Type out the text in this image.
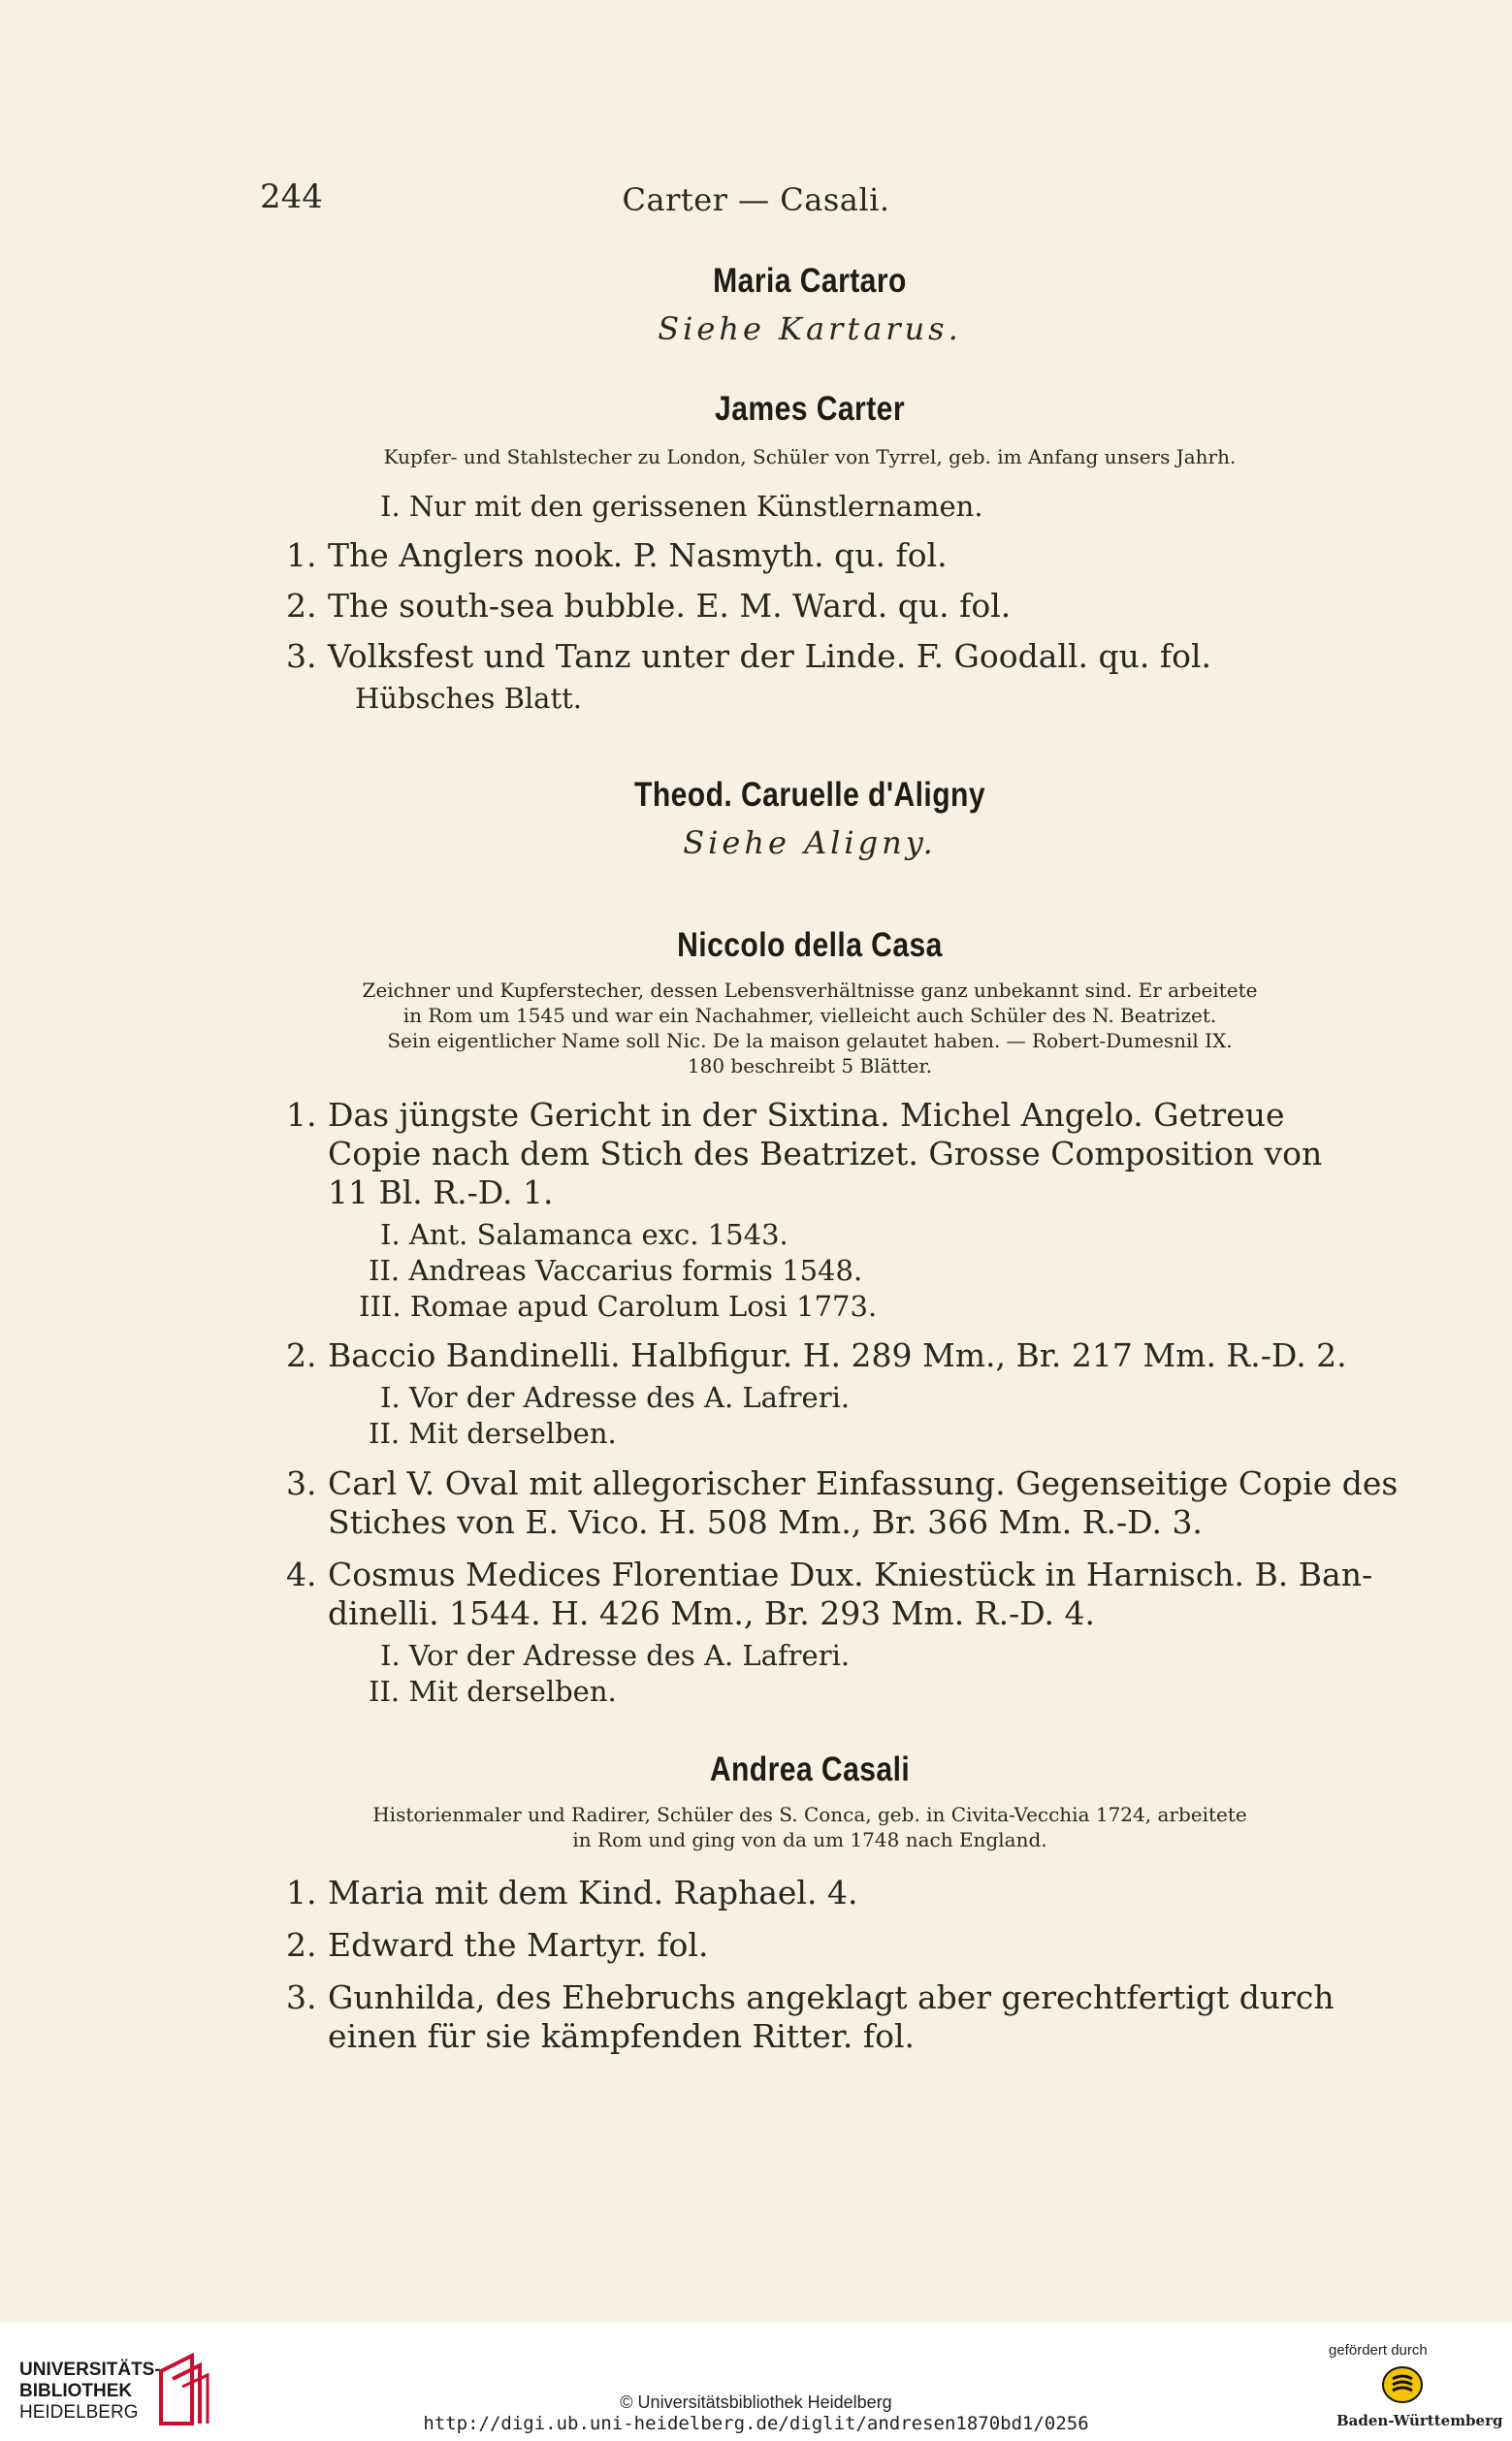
244	Carter — Casali.
Maria Cartaro
Siehe Kartarus.
James Carter
Kupfer- und Stahlstecher zu London, Schüler von Tyrrel, geb. im Anfang unsers Jahrh.
I. Nur mit den gerissenen Künstlernamen.
1. The Anglers nook. P. Nasmyth. qu. fol.
2. The south-sea bubble. E. M. Ward. qu. fol.
3. Volksfest und Tanz unter der Linde. F. Goodall. qu. fol.
Hübsches Blatt.
Theod. Caruelle d'Aligny
Siehe Aligny.
Niccolo della Casa
Zeichner und Kupferstecher, dessen Lebensverhältnisse ganz unbekannt sind. Er arbeitete
in Rom um 1545 und war ein Nachahmer, vielleicht auch Schüler des N. Beatrizet.
Sein eigentlicher Name soll Nic. De la maison gelautet haben. — Robert-Dumesnil IX.
180 beschreibt 5 Blätter.
1. Das jüngste Gericht in der Sixtina. Michel Angelo. Getreue
Copie nach dem Stich des Beatrizet. Grosse Composition von
11 Bl. R.-D. 1.
I. Ant. Salamanca exc. 1543.
II. Andreas Vaccarius formis 1548.
III. Romae apud Carolum Losi 1773.
2. Baccio Bandinelli. Halbfigur. H. 289 Mm., Br. 217 Mm. R.-D. 2.
I. Vor der Adresse des A. Lafreri.
II. Mit derselben.
3. Carl V. Oval mit allegorischer Einfassung. Gegenseitige Copie des
Stiches von E. Vico. H. 508 Mm., Br. 366 Mm. R.-D. 3.
4. Cosmus Medices Florentiae Dux. Kniestück in Harnisch. B. Ban-
dinelli. 1544. H. 426 Mm., Br. 293 Mm. R.-D. 4.
I. Vor der Adresse des A. Lafreri.
II. Mit derselben.
Andrea Casali
Historienmaler und Radirer, Schüler des S. Conca, geb. in Civita-Vecchia 1724, arbeitete
in Rom und ging von da um 1748 nach England.
1. Maria mit dem Kind. Raphael. 4.
2. Edward the Martyr. fol.
3. Gunhilda, des Ehebruchs angeklagt aber gerechtfertigt durch
einen für sie kämpfenden Ritter. fol.
UNIVERSITÄTS-
BIBLIOTHEK
HEIDELBERG	© Universitätsbibliothek Heidelberg
http://digi.ub.uni-heidelberg.de/diglit/andresen1870bd1/0256
gefördert durch
Baden-Württemberg
